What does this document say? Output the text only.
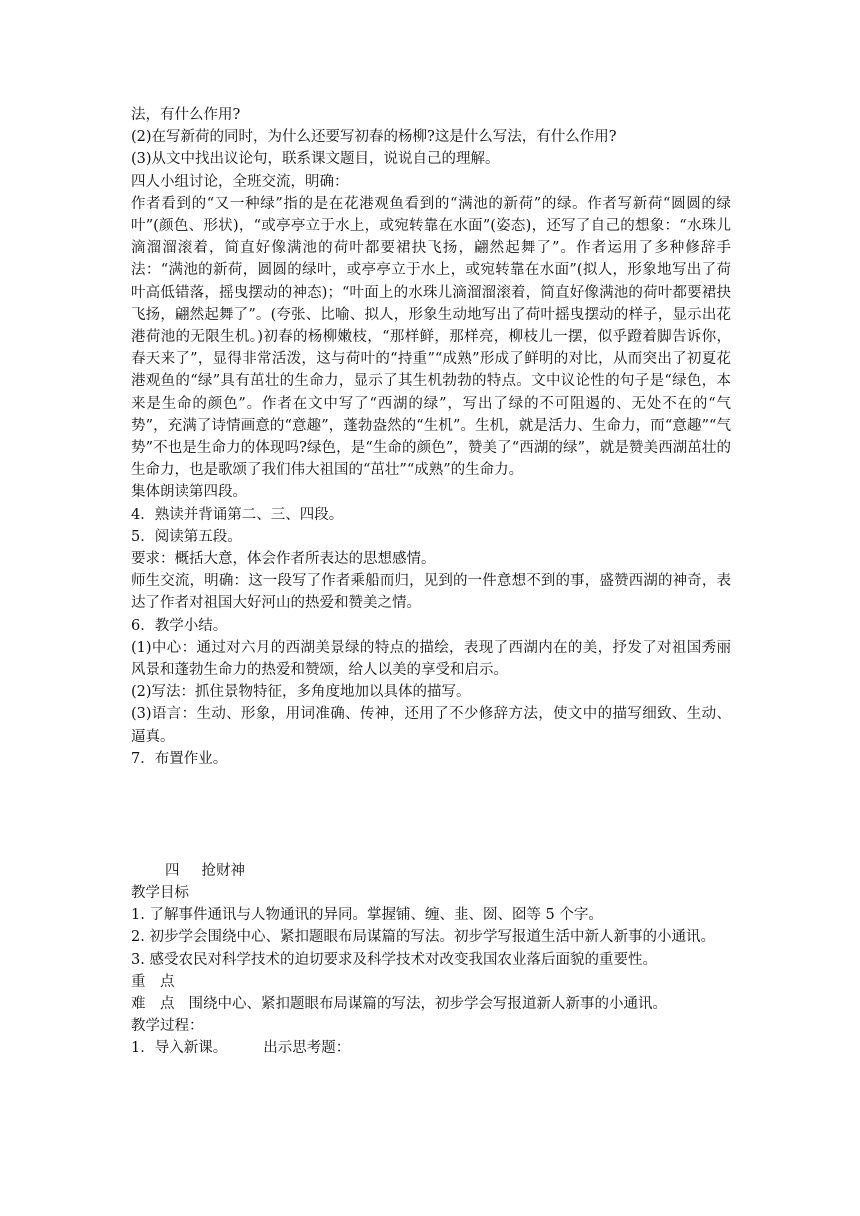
法，有什么作用?
(2)在写新荷的同时，为什么还要写初春的杨柳?这是什么写法，有什么作用?
(3)从文中找出议论句，联系课文题目，说说自己的理解。
四人小组讨论，全班交流，明确：

作者看到的“又一种绿”指的是在花港观鱼看到的“满池的新荷”的绿。作者写新荷“圆圆的绿叶”(颜色、形状)，“或亭亭立于水上，或宛转靠在水面”(姿态)，还写了自己的想象：“水珠儿滴溜溜滚着，简直好像满池的荷叶都要裙抉飞扬，翩然起舞了”。作者运用了多种修辞手法：“满池的新荷，圆圆的绿叶，或亭亭立于水上，或宛转靠在水面”(拟人，形象地写出了荷叶高低错落，摇曳摆动的神态)；“叶面上的水珠儿滴溜溜滚着，简直好像满池的荷叶都要裙抉飞扬，翩然起舞了”。(夸张、比喻、拟人，形象生动地写出了荷叶摇曳摆动的样子，显示出花港荷池的无限生机。)初春的杨柳嫩枝，“那样鲜，那样亮，柳枝儿一摆，似乎蹬着脚告诉你，春天来了”，显得非常活泼，这与荷叶的“持重”“成熟”形成了鲜明的对比，从而突出了初夏花港观鱼的“绿”具有茁壮的生命力，显示了其生机勃勃的特点。文中议论性的句子是“绿色，本来是生命的颜色”。作者在文中写了“西湖的绿”，写出了绿的不可阻遏的、无处不在的“气势”，充满了诗情画意的“意趣”，蓬勃盎然的“生机”。生机，就是活力、生命力，而“意趣”“气势”不也是生命力的体现吗?绿色，是“生命的颜色”，赞美了“西湖的绿”，就是赞美西湖茁壮的生命力，也是歌颂了我们伟大祖国的“茁壮”“成熟”的生命力。

集体朗读第四段。
4．熟读并背诵第二、三、四段。
5．阅读第五段。
要求：概括大意，体会作者所表达的思想感情。

师生交流，明确：这一段写了作者乘船而归，见到的一件意想不到的事，盛赞西湖的神奇，表达了作者对祖国大好河山的热爱和赞美之情。

6．教学小结。

(1)中心：通过对六月的西湖美景绿的特点的描绘，表现了西湖内在的美，抒发了对祖国秀丽风景和蓬勃生命力的热爱和赞颂，给人以美的享受和启示。

(2)写法：抓住景物特征，多角度地加以具体的描写。

(3)语言：生动、形象，用词准确、传神，还用了不少修辞方法，使文中的描写细致、生动、逼真。

7．布置作业。
四 抢财神
教学目标
1. 了解事件通讯与人物通讯的异同。掌握铺、缠、韭、圀、囵等 5 个字。
2. 初步学会围绕中心、紧扣题眼布局谋篇的写法。初步学写报道生活中新人新事的小通讯。
3. 感受农民对科学技术的迫切要求及科学技术对改变我国农业落后面貌的重要性。
重　点
难　点 围绕中心、紧扣题眼布局谋篇的写法，初步学会写报道新人新事的小通讯。
教学过程：
1．导入新课。 出示思考题：
